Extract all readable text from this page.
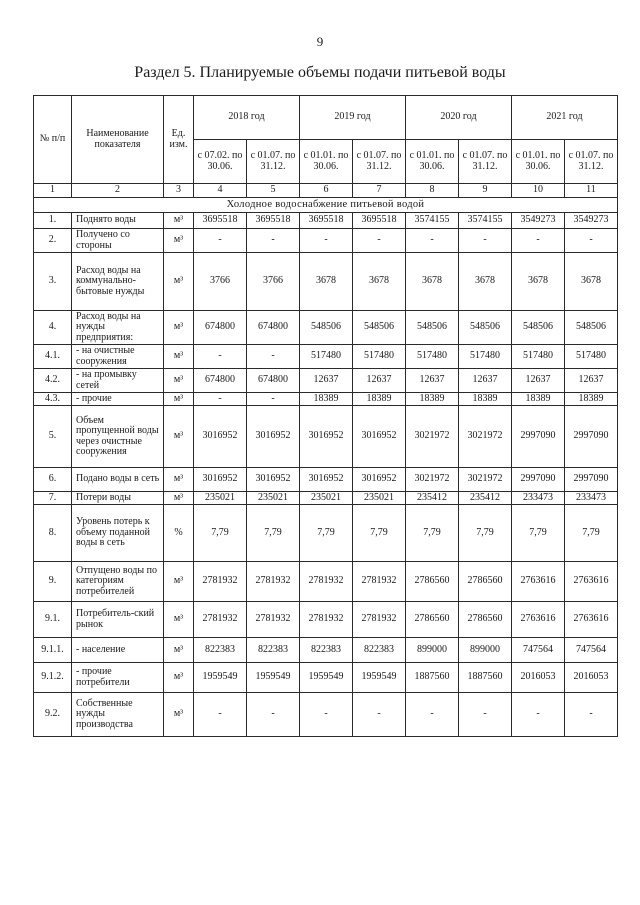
9
Раздел 5. Планируемые объемы подачи питьевой воды
№ п/п	Наименование показателя	Ед. изм.	2018 год		2019 год		2020 год		2021 год	
			с 07.02. по 30.06.	с 01.07. по 31.12.	с 01.01. по 30.06.	с 01.07. по 31.12.	с 01.01. по 30.06.	с 01.07. по 31.12.	с 01.01. по 30.06.	с 01.07. по 31.12.
1	2	3	4	5	6	7	8	9	10	11
Холодное водоснабжение питьевой водой										
1.	Поднято воды	м³	3695518	3695518	3695518	3695518	3574155	3574155	3549273	3549273
2.	Получено со стороны	м³	-	-	-	-	-	-	-	-
3.	Расход воды на коммунально-бытовые нужды	м³	3766	3766	3678	3678	3678	3678	3678	3678
4.	Расход воды на нужды предприятия:	м³	674800	674800	548506	548506	548506	548506	548506	548506
4.1.	- на очистные сооружения	м³	-	-	517480	517480	517480	517480	517480	517480
4.2.	- на промывку сетей	м³	674800	674800	12637	12637	12637	12637	12637	12637
4.3.	- прочие	м³	-	-	18389	18389	18389	18389	18389	18389
5.	Объем пропущенной воды через очистные сооружения	м³	3016952	3016952	3016952	3016952	3021972	3021972	2997090	2997090
6.	Подано воды в сеть	м³	3016952	3016952	3016952	3016952	3021972	3021972	2997090	2997090
7.	Потери воды	м³	235021	235021	235021	235021	235412	235412	233473	233473
8.	Уровень потерь к объему поданной воды в сеть	%	7,79	7,79	7,79	7,79	7,79	7,79	7,79	7,79
9.	Отпущено воды по категориям потребителей	м³	2781932	2781932	2781932	2781932	2786560	2786560	2763616	2763616
9.1.	Потребитель-ский рынок	м³	2781932	2781932	2781932	2781932	2786560	2786560	2763616	2763616
9.1.1.	- население	м³	822383	822383	822383	822383	899000	899000	747564	747564
9.1.2.	- прочие потребители	м³	1959549	1959549	1959549	1959549	1887560	1887560	2016053	2016053
9.2.	Собственные нужды производства	м³	-	-	-	-	-	-	-	-
